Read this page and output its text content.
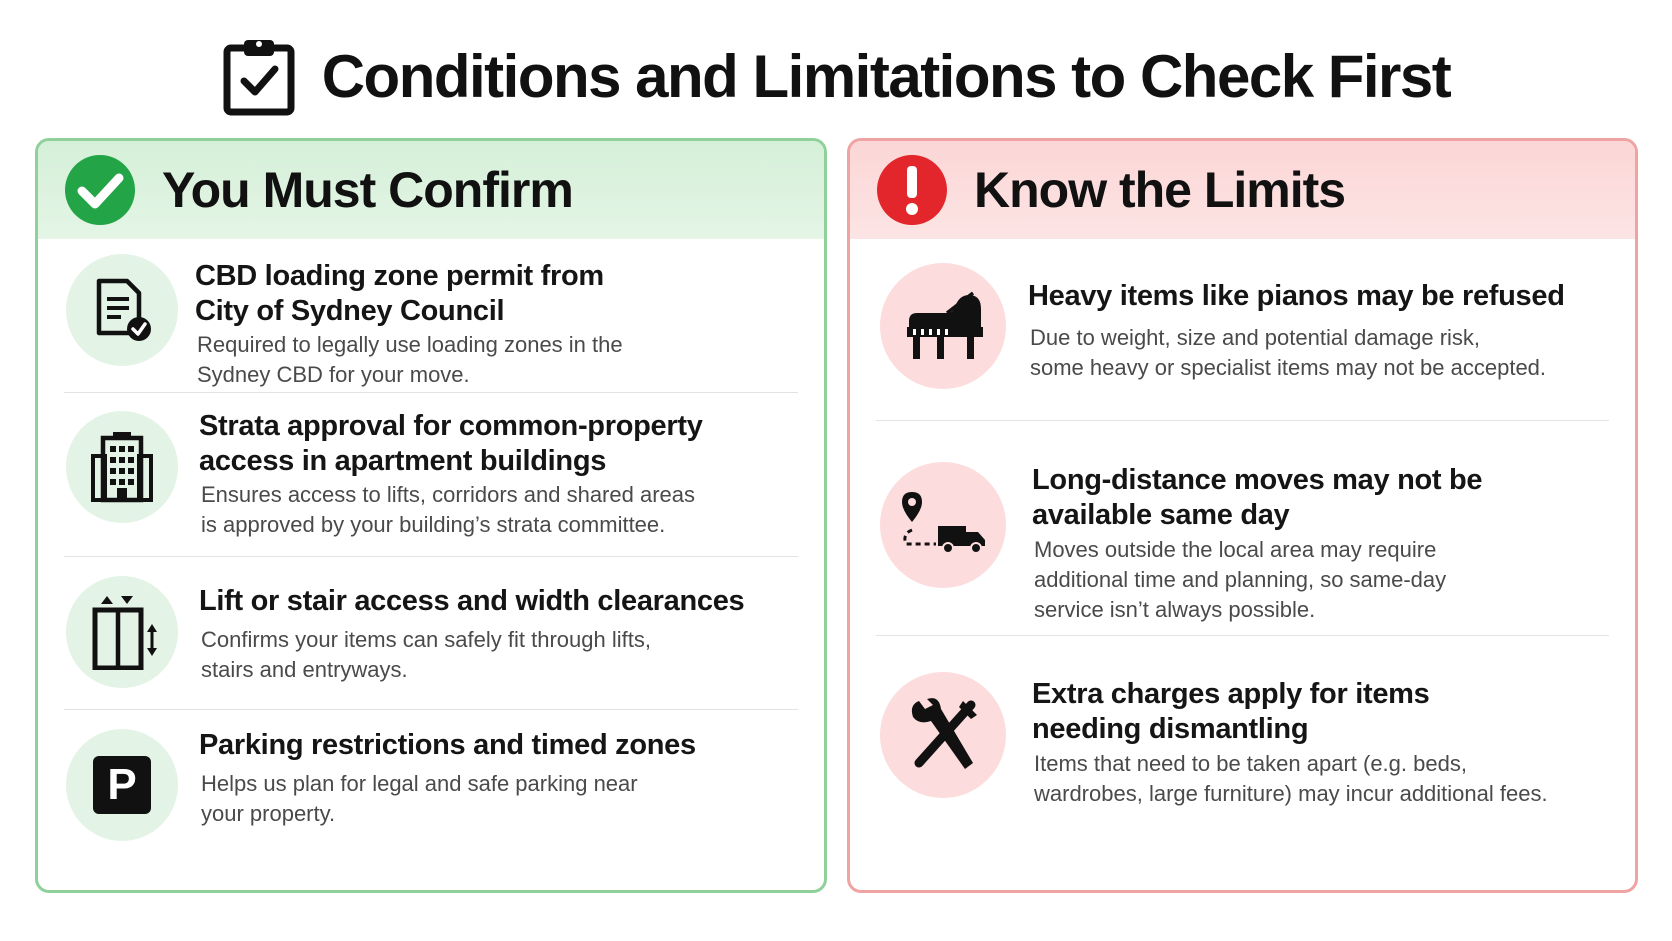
Conditions and Limitations to Check First
You Must Confirm
CBD loading zone permit from
City of Sydney Council
Required to legally use loading zones in the
Sydney CBD for your move.
Strata approval for common-property
access in apartment buildings
Ensures access to lifts, corridors and shared areas
is approved by your building’s strata committee.
Lift or stair access and width clearances
Confirms your items can safely fit through lifts,
stairs and entryways.
P
Parking restrictions and timed zones
Helps us plan for legal and safe parking near
your property.
Know the Limits
Heavy items like pianos may be refused
Due to weight, size and potential damage risk,
some heavy or specialist items may not be accepted.
Long-distance moves may not be
available same day
Moves outside the local area may require
additional time and planning, so same-day
service isn’t always possible.
Extra charges apply for items
needing dismantling
Items that need to be taken apart (e.g. beds,
wardrobes, large furniture) may incur additional fees.
